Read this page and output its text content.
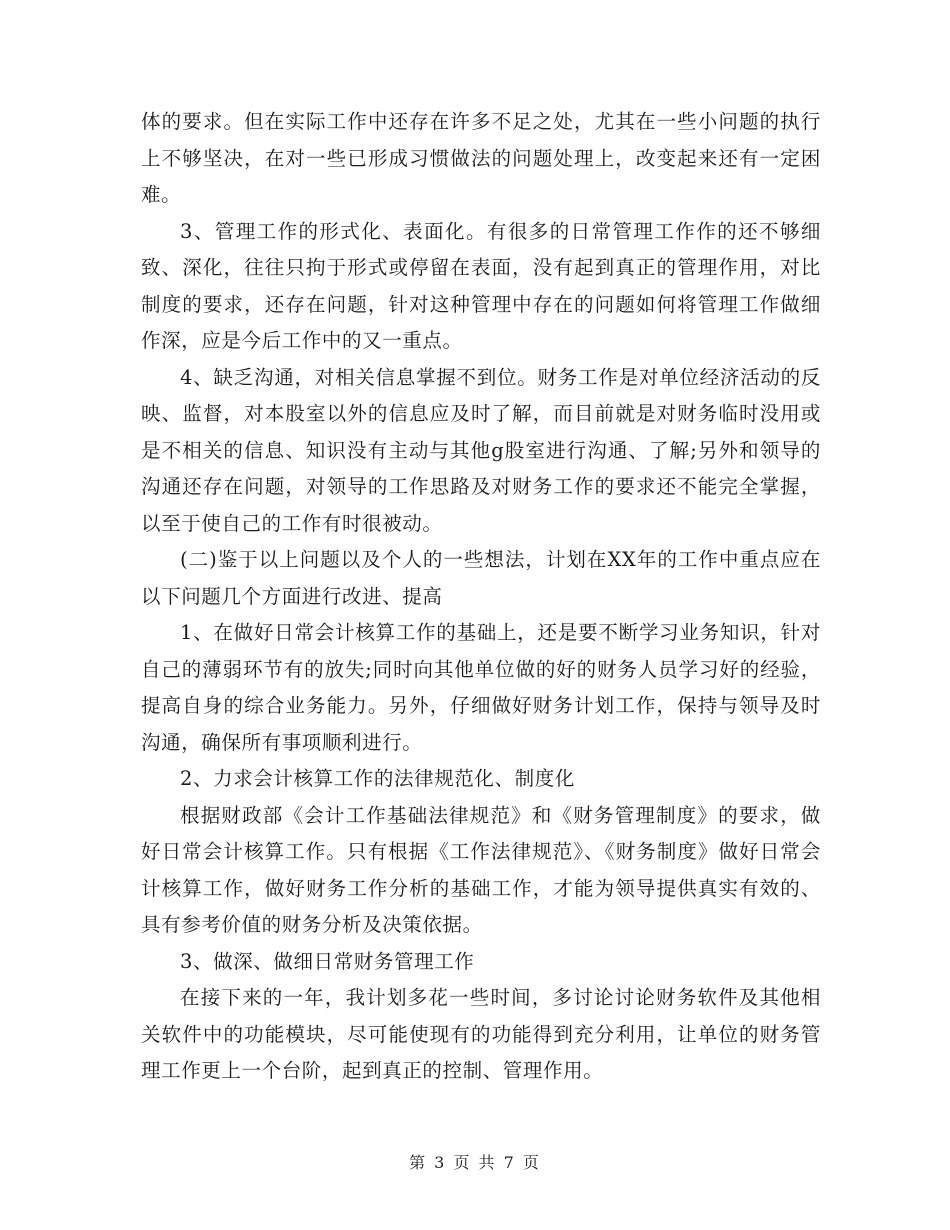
体的要求。但在实际工作中还存在许多不足之处，尤其在一些小问题的执行上不够坚决，在对一些已形成习惯做法的问题处理上，改变起来还有一定困难。

3、管理工作的形式化、表面化。有很多的日常管理工作作的还不够细致、深化，往往只拘于形式或停留在表面，没有起到真正的管理作用，对比制度的要求，还存在问题，针对这种管理中存在的问题如何将管理工作做细作深，应是今后工作中的又一重点。

4、缺乏沟通，对相关信息掌握不到位。财务工作是对单位经济活动的反映、监督，对本股室以外的信息应及时了解，而目前就是对财务临时没用或是不相关的信息、知识没有主动与其他g股室进行沟通、了解;另外和领导的沟通还存在问题，对领导的工作思路及对财务工作的要求还不能完全掌握，以至于使自己的工作有时很被动。

(二)鉴于以上问题以及个人的一些想法，计划在XX年的工作中重点应在以下问题几个方面进行改进、提高

1、在做好日常会计核算工作的基础上，还是要不断学习业务知识，针对自己的薄弱环节有的放失;同时向其他单位做的好的财务人员学习好的经验，提高自身的综合业务能力。另外，仔细做好财务计划工作，保持与领导及时沟通，确保所有事项顺利进行。

2、力求会计核算工作的法律规范化、制度化

根据财政部《会计工作基础法律规范》和《财务管理制度》的要求，做好日常会计核算工作。只有根据《工作法律规范》、《财务制度》做好日常会计核算工作，做好财务工作分析的基础工作，才能为领导提供真实有效的、具有参考价值的财务分析及决策依据。

3、做深、做细日常财务管理工作

在接下来的一年，我计划多花一些时间，多讨论讨论财务软件及其他相关软件中的功能模块，尽可能使现有的功能得到充分利用，让单位的财务管理工作更上一个台阶，起到真正的控制、管理作用。

第 3 页 共 7 页
